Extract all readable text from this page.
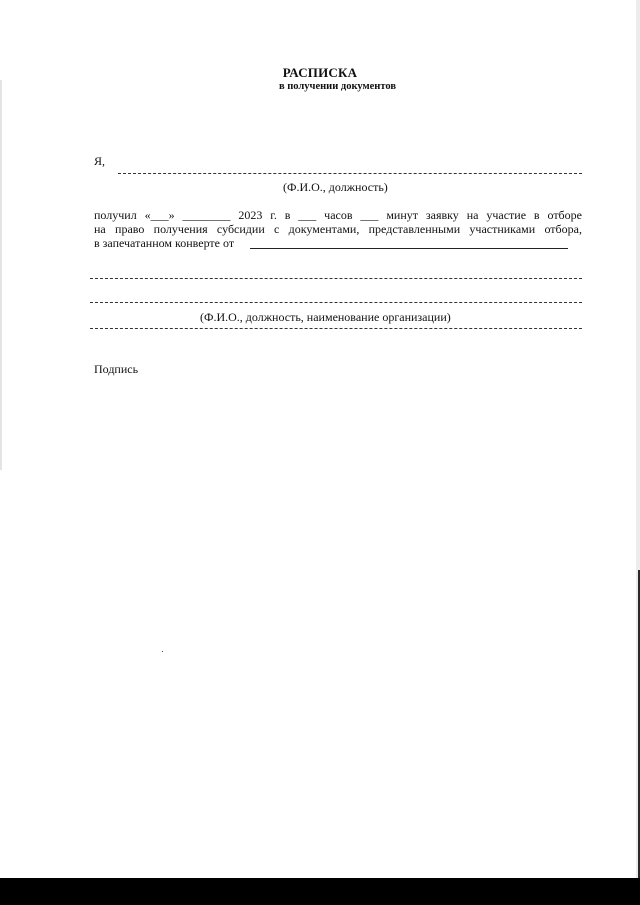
РАСПИСКА
в получении документов
Я,
(Ф.И.О., должность)
получил «___» ________ 2023 г. в ___ часов ___ минут заявку на участие в отборе
на право получения субсидии с документами, представленными участниками отбора,
в запечатанном конверте от
(Ф.И.О., должность, наименование организации)
Подпись
